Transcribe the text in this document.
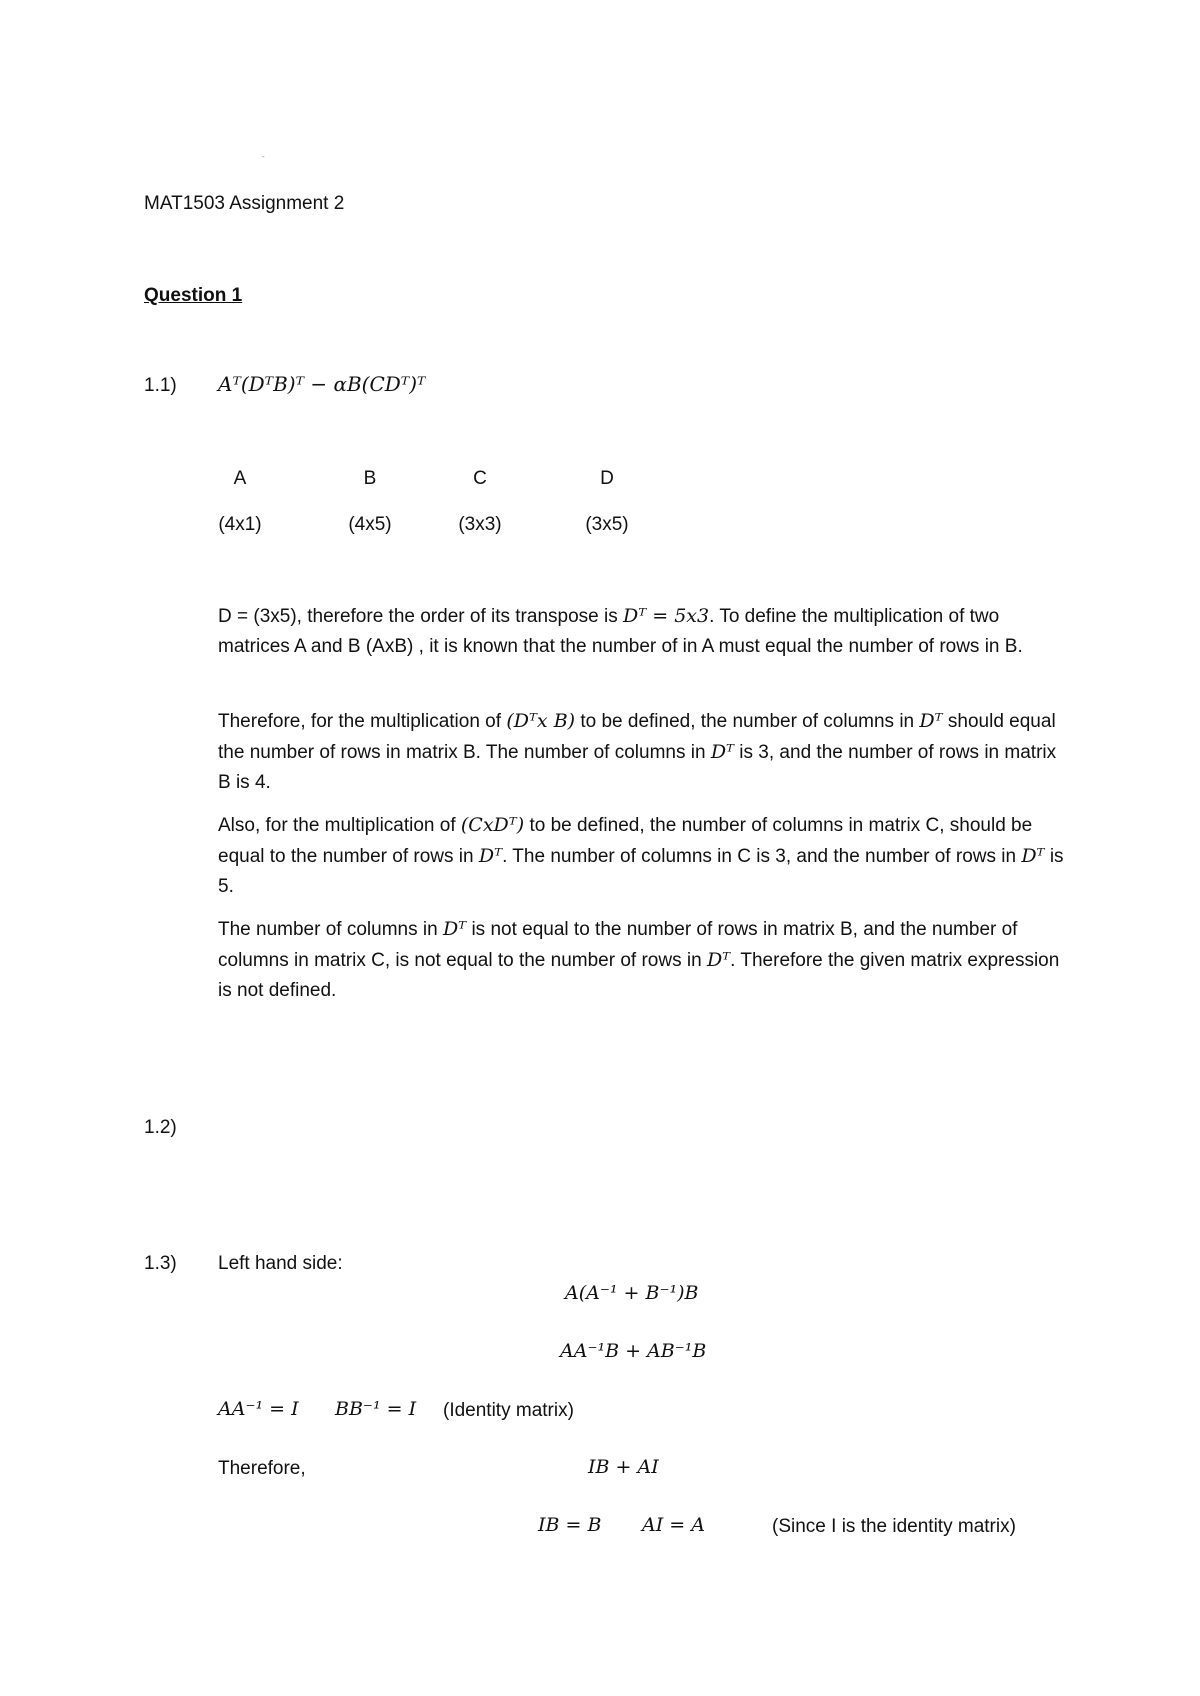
-
MAT1503 Assignment 2
Question 1
1.1) Aᵀ(DᵀB)ᵀ − αB(CDᵀ)ᵀ
A	B	C	D
(4x1)	(4x5)	(3x3)	(3x5)

D = (3x5), therefore the order of its transpose is Dᵀ = 5x3. To define the multiplication of two matrices A and B (AxB) , it is known that the number of in A must equal the number of rows in B.

Therefore, for the multiplication of (Dᵀx B) to be defined, the number of columns in Dᵀ should equal the number of rows in matrix B. The number of columns in Dᵀ is 3, and the number of rows in matrix B is 4.

Also, for the multiplication of (CxDᵀ) to be defined, the number of columns in matrix C, should be equal to the number of rows in Dᵀ. The number of columns in C is 3, and the number of rows in Dᵀ is 5.

The number of columns in Dᵀ is not equal to the number of rows in matrix B, and the number of columns in matrix C, is not equal to the number of rows in Dᵀ. Therefore the given matrix expression is not defined.

1.2)
1.3) Left hand side:
A(A⁻¹ + B⁻¹)B
AA⁻¹B + AB⁻¹B
AA⁻¹ = I BB⁻¹ = I (Identity matrix)
Therefore,	IB + AI
IB = B AI = A	(Since I is the identity matrix)
